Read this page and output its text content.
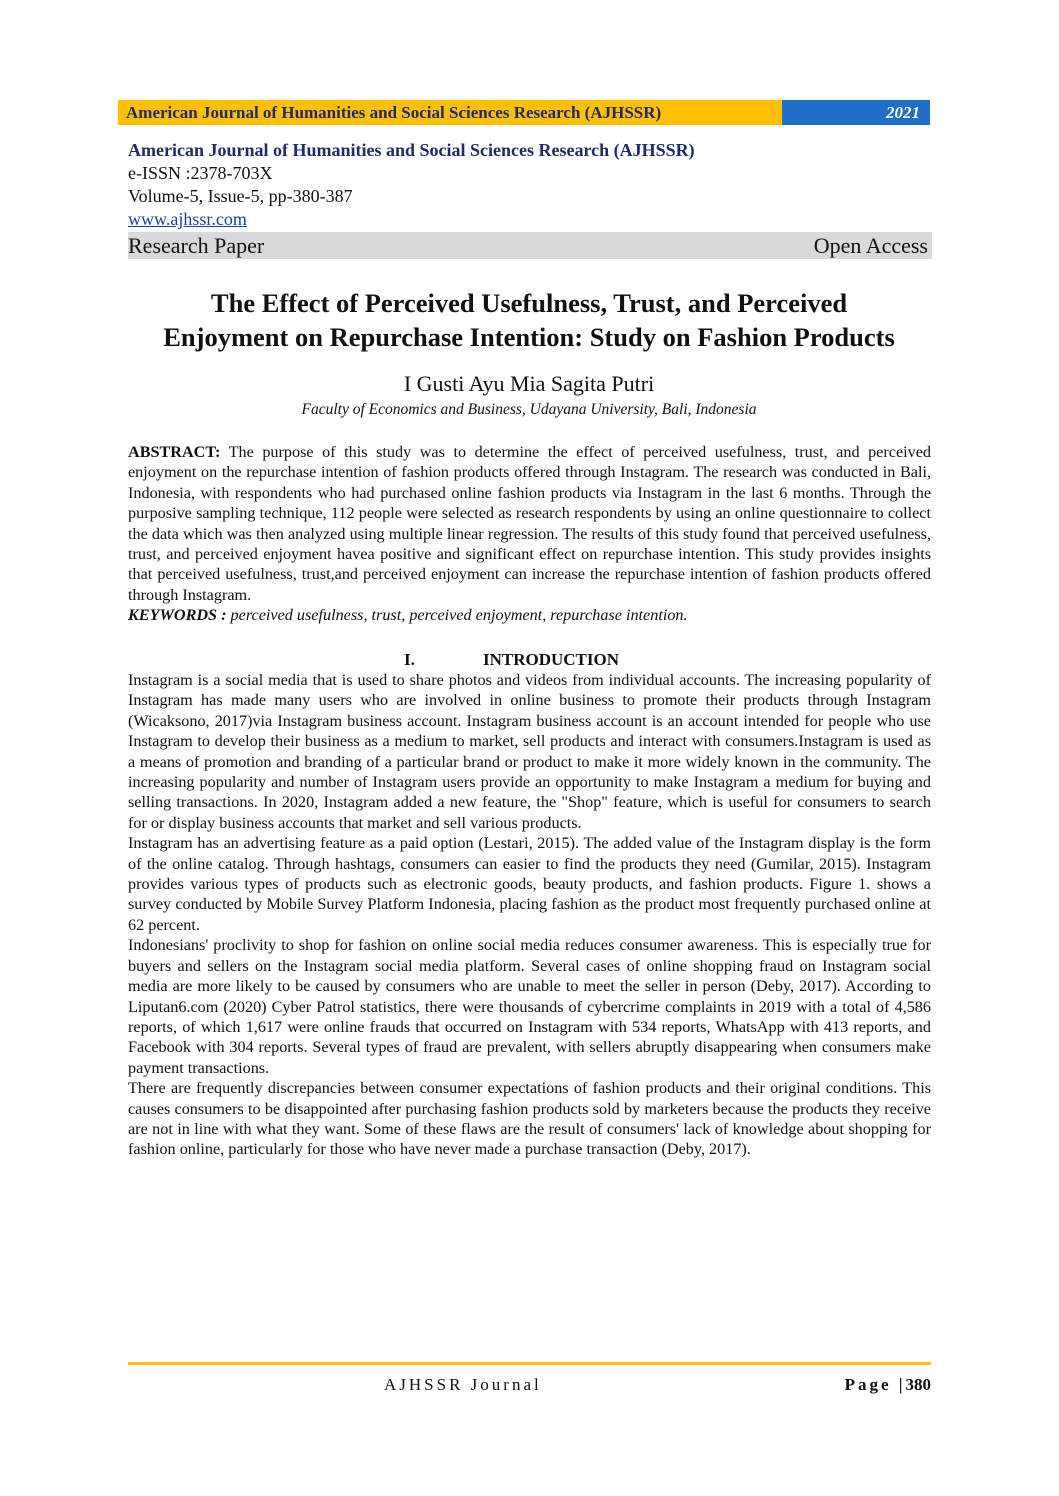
American Journal of Humanities and Social Sciences Research (AJHSSR)	2021
American Journal of Humanities and Social Sciences Research (AJHSSR)
e-ISSN :2378-703X
Volume-5, Issue-5, pp-380-387
www.ajhssr.com
Research Paper	Open Access
The Effect of Perceived Usefulness, Trust, and Perceived
Enjoyment on Repurchase Intention: Study on Fashion Products
I Gusti Ayu Mia Sagita Putri
Faculty of Economics and Business, Udayana University, Bali, Indonesia
ABSTRACT: The purpose of this study was to determine the effect of perceived usefulness, trust, and perceived enjoyment on the repurchase intention of fashion products offered through Instagram. The research was conducted in Bali, Indonesia, with respondents who had purchased online fashion products via Instagram in the last 6 months. Through the purposive sampling technique, 112 people were selected as research respondents by using an online questionnaire to collect the data which was then analyzed using multiple linear regression. The results of this study found that perceived usefulness, trust, and perceived enjoyment havea positive and significant effect on repurchase intention. This study provides insights that perceived usefulness, trust,and perceived enjoyment can increase the repurchase intention of fashion products offered through Instagram.
KEYWORDS : perceived usefulness, trust, perceived enjoyment, repurchase intention.
I.	INTRODUCTION

Instagram is a social media that is used to share photos and videos from individual accounts. The increasing popularity of Instagram has made many users who are involved in online business to promote their products through Instagram (Wicaksono, 2017)via Instagram business account. Instagram business account is an account intended for people who use Instagram to develop their business as a medium to market, sell products and interact with consumers.Instagram is used as a means of promotion and branding of a particular brand or product to make it more widely known in the community. The increasing popularity and number of Instagram users provide an opportunity to make Instagram a medium for buying and selling transactions. In 2020, Instagram added a new feature, the "Shop" feature, which is useful for consumers to search for or display business accounts that market and sell various products.

Instagram has an advertising feature as a paid option (Lestari, 2015). The added value of the Instagram display is the form of the online catalog. Through hashtags, consumers can easier to find the products they need (Gumilar, 2015). Instagram provides various types of products such as electronic goods, beauty products, and fashion products. Figure 1. shows a survey conducted by Mobile Survey Platform Indonesia, placing fashion as the product most frequently purchased online at 62 percent.

Indonesians' proclivity to shop for fashion on online social media reduces consumer awareness. This is especially true for buyers and sellers on the Instagram social media platform. Several cases of online shopping fraud on Instagram social media are more likely to be caused by consumers who are unable to meet the seller in person (Deby, 2017). According to Liputan6.com (2020) Cyber Patrol statistics, there were thousands of cybercrime complaints in 2019 with a total of 4,586 reports, of which 1,617 were online frauds that occurred on Instagram with 534 reports, WhatsApp with 413 reports, and Facebook with 304 reports. Several types of fraud are prevalent, with sellers abruptly disappearing when consumers make payment transactions.

There are frequently discrepancies between consumer expectations of fashion products and their original conditions. This causes consumers to be disappointed after purchasing fashion products sold by marketers because the products they receive are not in line with what they want. Some of these flaws are the result of consumers' lack of knowledge about shopping for fashion online, particularly for those who have never made a purchase transaction (Deby, 2017).

AJHSSR Journal	Page |380
